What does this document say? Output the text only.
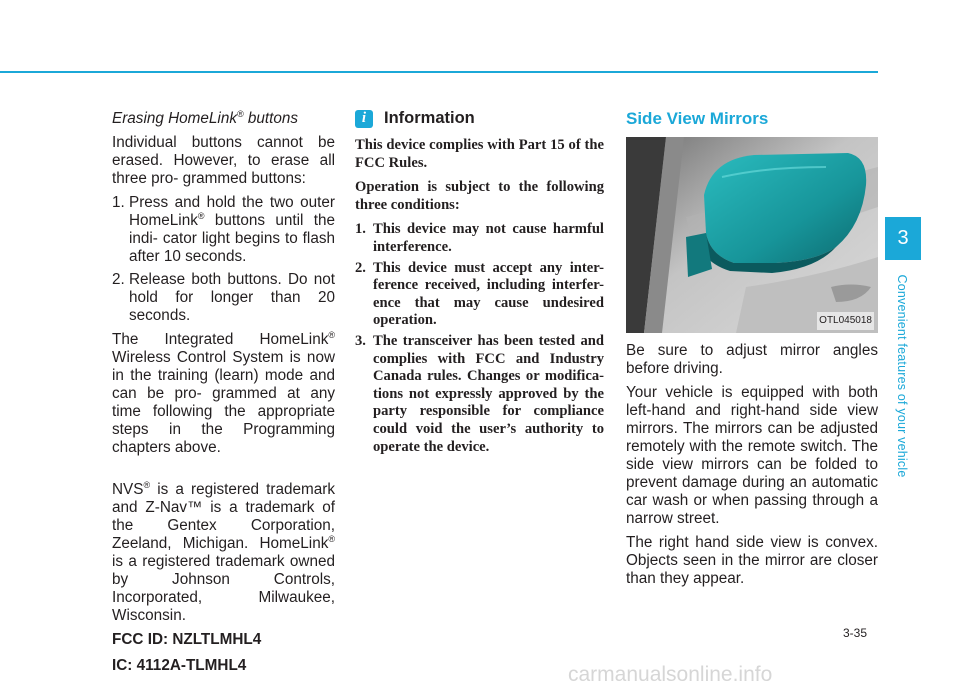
Erasing HomeLink® buttons

Individual buttons cannot be erased. However, to erase all three pro- grammed buttons:

1. Press and hold the two outer HomeLink® buttons until the indi- cator light begins to flash after 10 seconds.
2. Release both buttons. Do not hold for longer than 20 seconds.

The Integrated HomeLink® Wireless Control System is now in the training (learn) mode and can be pro- grammed at any time following the appropriate steps in the Programming chapters above.

NVS® is a registered trademark and Z-Nav™ is a trademark of the Gentex Corporation, Zeeland, Michigan. HomeLink® is a registered trademark owned by Johnson Controls, Incorporated, Milwaukee, Wisconsin.

FCC ID: NZLTLMHL4

IC: 4112A-TLMHL4

i	Information

This device complies with Part 15 of the FCC Rules.

Operation is subject to the following three conditions:

1. This device may not cause harmful interference.
2. This device must accept any inter- ference received, including interfer- ence that may cause undesired operation.
3. The transceiver has been tested and complies with FCC and Industry Canada rules. Changes or modifica- tions not expressly approved by the party responsible for compliance could void the user’s authority to operate the device.
Side View Mirrors
OTL045018

Be sure to adjust mirror angles before driving.

Your vehicle is equipped with both left-hand and right-hand side view mirrors. The mirrors can be adjusted remotely with the remote switch. The side view mirrors can be folded to prevent damage during an automatic car wash or when passing through a narrow street.

The right hand side view is convex. Objects seen in the mirror are closer than they appear.

3
Convenient features of your vehicle
3-35
carmanualsonline.info
